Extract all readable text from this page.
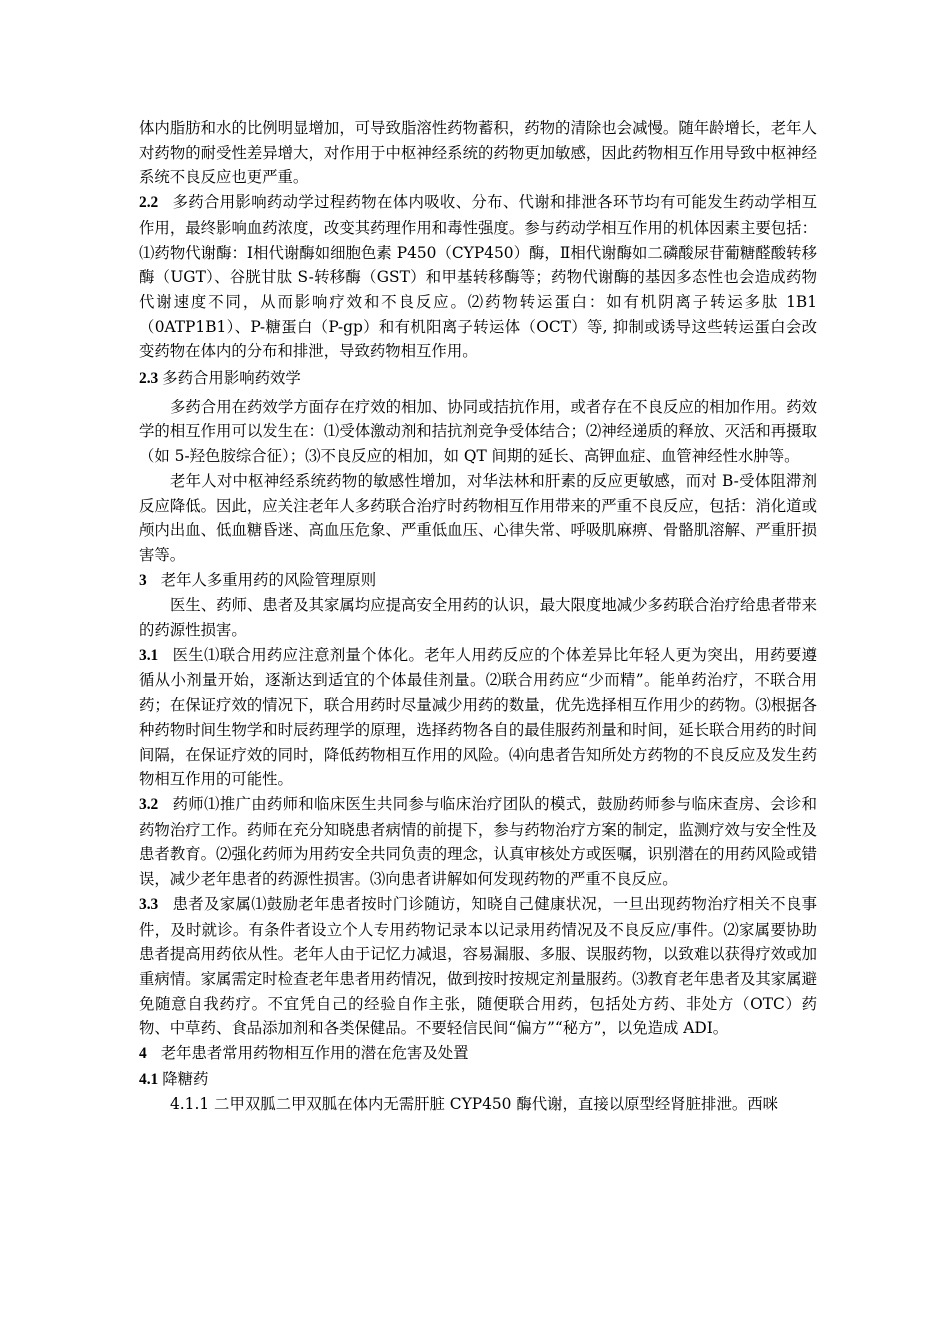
体内脂肪和水的比例明显增加，可导致脂溶性药物蓄积，药物的清除也会减慢。随年龄增长，老年人对药物的耐受性差异增大，对作用于中枢神经系统的药物更加敏感，因此药物相互作用导致中枢神经系统不良反应也更严重。

2.2 多药合用影响药动学过程药物在体内吸收、分布、代谢和排泄各环节均有可能发生药动学相互作用，最终影响血药浓度，改变其药理作用和毒性强度。参与药动学相互作用的机体因素主要包括：⑴药物代谢酶：Ⅰ相代谢酶如细胞色素 P450（CYP450）酶，Ⅱ相代谢酶如二磷酸尿苷葡糖醛酸转移酶（UGT）、谷胱甘肽 S-转移酶（GST）和甲基转移酶等；药物代谢酶的基因多态性也会造成药物代谢速度不同，从而影响疗效和不良反应。⑵药物转运蛋白：如有机阴离子转运多肽 1B1（0ATP1B1）、P-糖蛋白（P-gp）和有机阳离子转运体（OCT）等, 抑制或诱导这些转运蛋白会改变药物在体内的分布和排泄，导致药物相互作用。

2.3 多药合用影响药效学

多药合用在药效学方面存在疗效的相加、协同或拮抗作用，或者存在不良反应的相加作用。药效学的相互作用可以发生在：⑴受体激动剂和拮抗剂竞争受体结合；⑵神经递质的释放、灭活和再摄取（如 5-羟色胺综合征）；⑶不良反应的相加，如 QT 间期的延长、高钾血症、血管神经性水肿等。

老年人对中枢神经系统药物的敏感性增加，对华法林和肝素的反应更敏感，而对 B-受体阻滞剂反应降低。因此，应关注老年人多药联合治疗时药物相互作用带来的严重不良反应，包括：消化道或颅内出血、低血糖昏迷、高血压危象、严重低血压、心律失常、呼吸肌麻痹、骨骼肌溶解、严重肝损害等。

3 老年人多重用药的风险管理原则

医生、药师、患者及其家属均应提高安全用药的认识，最大限度地减少多药联合治疗给患者带来的药源性损害。

3.1 医生⑴联合用药应注意剂量个体化。老年人用药反应的个体差异比年轻人更为突出，用药要遵循从小剂量开始，逐渐达到适宜的个体最佳剂量。⑵联合用药应“少而精”。能单药治疗，不联合用药；在保证疗效的情况下，联合用药时尽量减少用药的数量，优先选择相互作用少的药物。⑶根据各种药物时间生物学和时辰药理学的原理，选择药物各自的最佳服药剂量和时间，延长联合用药的时间间隔，在保证疗效的同时，降低药物相互作用的风险。⑷向患者告知所处方药物的不良反应及发生药物相互作用的可能性。

3.2 药师⑴推广由药师和临床医生共同参与临床治疗团队的模式，鼓励药师参与临床查房、会诊和药物治疗工作。药师在充分知晓患者病情的前提下，参与药物治疗方案的制定，监测疗效与安全性及患者教育。⑵强化药师为用药安全共同负责的理念，认真审核处方或医嘱，识别潜在的用药风险或错误，减少老年患者的药源性损害。⑶向患者讲解如何发现药物的严重不良反应。

3.3 患者及家属⑴鼓励老年患者按时门诊随访，知晓自己健康状况，一旦出现药物治疗相关不良事件，及时就诊。有条件者设立个人专用药物记录本以记录用药情况及不良反应/事件。⑵家属要协助患者提高用药依从性。老年人由于记忆力减退，容易漏服、多服、误服药物，以致难以获得疗效或加重病情。家属需定时检查老年患者用药情况，做到按时按规定剂量服药。⑶教育老年患者及其家属避免随意自我药疗。不宜凭自己的经验自作主张，随便联合用药，包括处方药、非处方（OTC）药物、中草药、食品添加剂和各类保健品。不要轻信民间“偏方”“秘方”，以免造成 ADI。

4 老年患者常用药物相互作用的潜在危害及处置

4.1 降糖药

4.1.1 二甲双胍二甲双胍在体内无需肝脏 CYP450 酶代谢，直接以原型经肾脏排泄。西咪
